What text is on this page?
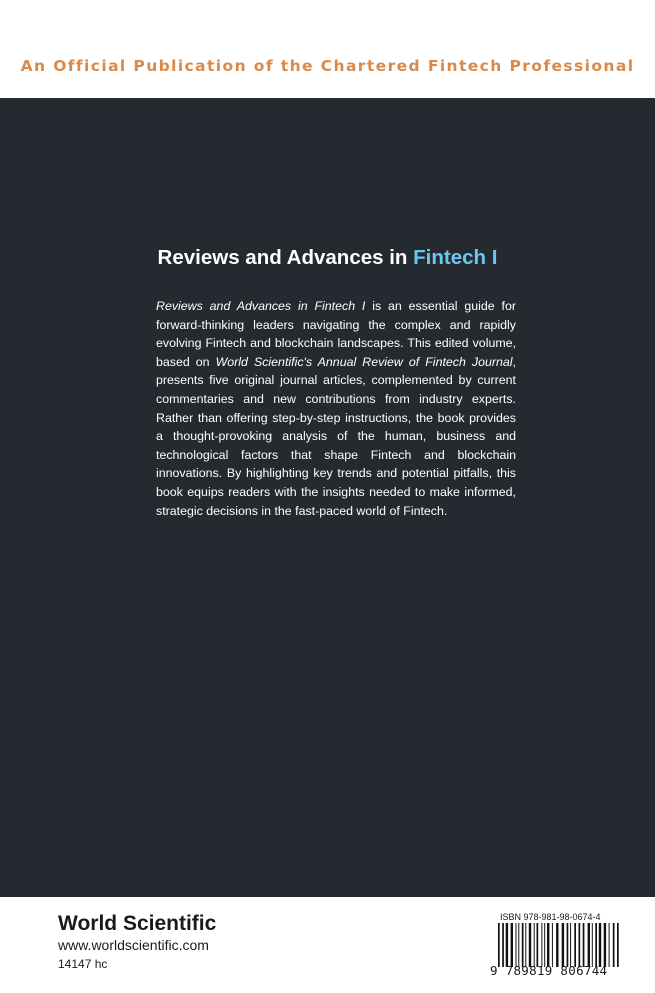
An Official Publication of the Chartered Fintech Professional
Reviews and Advances in Fintech I
Reviews and Advances in Fintech I is an essential guide for forward-thinking leaders navigating the complex and rapidly evolving Fintech and blockchain landscapes. This edited volume, based on World Scientific's Annual Review of Fintech Journal, presents five original journal articles, complemented by current commentaries and new contributions from industry experts. Rather than offering step-by-step instructions, the book provides a thought-provoking analysis of the human, business and technological factors that shape Fintech and blockchain innovations. By highlighting key trends and potential pitfalls, this book equips readers with the insights needed to make informed, strategic decisions in the fast-paced world of Fintech.
World Scientific
www.worldscientific.com
14147 hc
ISBN 978-981-98-0674-4
9 789819 806744
